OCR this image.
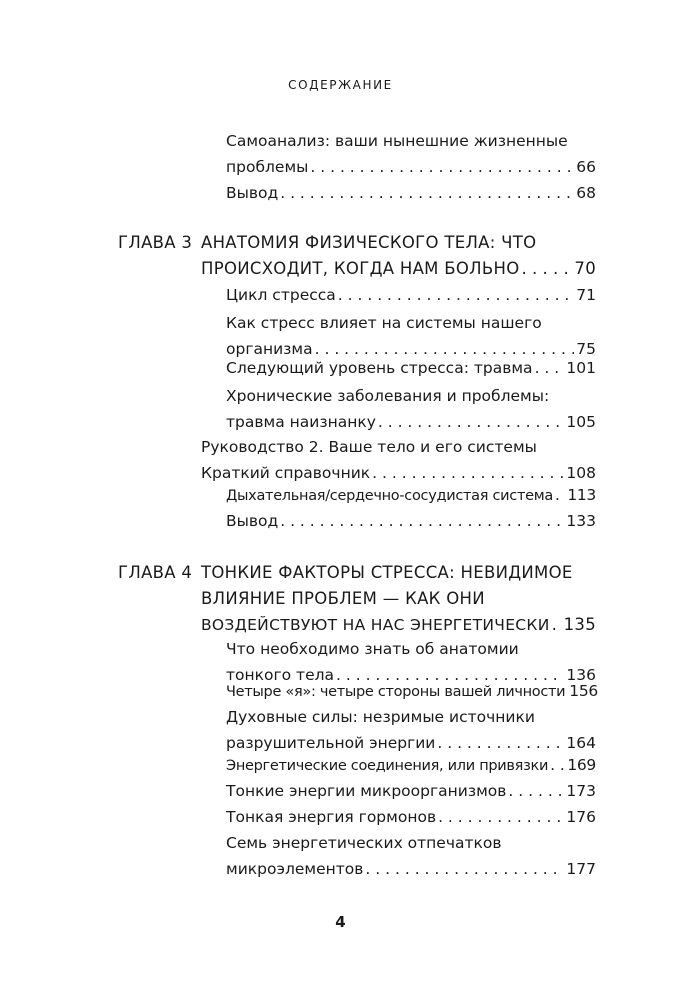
СОДЕРЖАНИЕ
Самоанализ: ваши нынешние жизненные
проблемы . . .	66
Вывод . . .	68
ГЛАВА 3 АНАТОМИЯ ФИЗИЧЕСКОГО ТЕЛА: ЧТО
ПРОИСХОДИТ, КОГДА НАМ БОЛЬНО . . .	70
Цикл стресса . . .	71
Как стресс влияет на системы нашего
организма . . .	75
Следующий уровень стресса: травма . . . 101
Хронические заболевания и проблемы:
травма наизнанку . . .	105
Руководство 2. Ваше тело и его системы
Краткий справочник . . .	108
Дыхательная/сердечно-сосудистая система . . . 113
Вывод . . .	133
ГЛАВА 4 ТОНКИЕ ФАКТОРЫ СТРЕССА: НЕВИДИМОЕ
ВЛИЯНИЕ ПРОБЛЕМ — КАК ОНИ
ВОЗДЕЙСТВУЮТ НА НАС ЭНЕРГЕТИЧЕСКИ . . . 135
Что необходимо знать об анатомии
тонкого тела . . .	136
Четыре «я»: четыре стороны вашей личности 156
Духовные силы: незримые источники
разрушительной энергии . . .	164
Энергетические соединения, или привязки . . . 169
Тонкие энергии микроорганизмов . . .	173
Тонкая энергия гормонов . . .	176
Семь энергетических отпечатков
микроэлементов . . .	177
4
